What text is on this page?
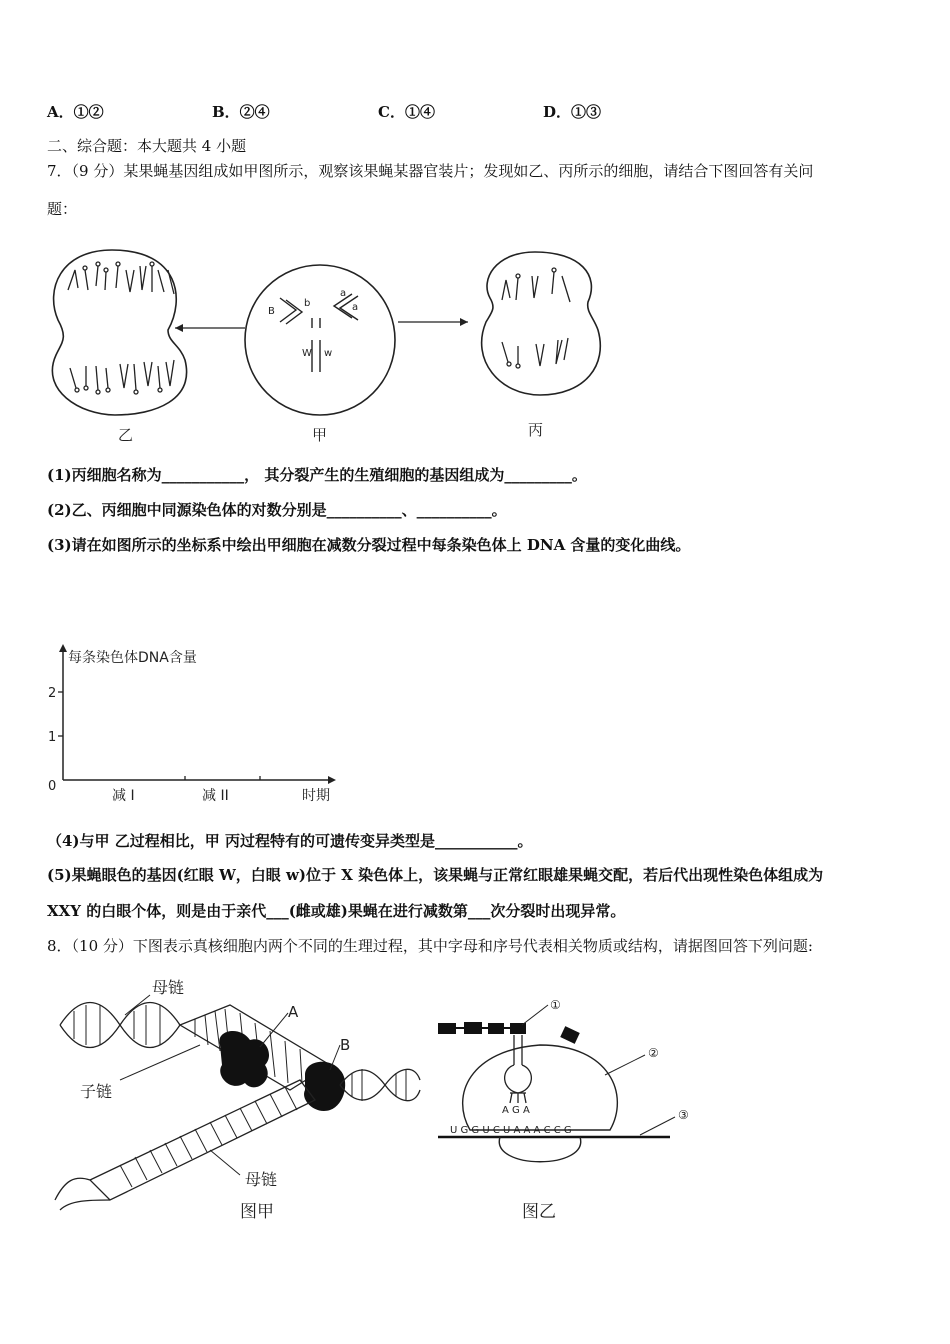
A．①②	B．②④	C．①④	D．①③
二、综合题：本大题共 4 小题
7．（9 分）某果蝇基因组成如甲图所示，观察该果蝇某器官装片；发现如乙、丙所示的细胞，请结合下图回答有关问
题：
乙
B
b
a
a
W w
甲	丙
(1)丙细胞名称为___________， 其分裂产生的生殖细胞的基因组成为_________。
(2)乙、丙细胞中同源染色体的对数分别是__________、__________。
(3)请在如图所示的坐标系中绘出甲细胞在减数分裂过程中每条染色体上 DNA 含量的变化曲线。
每条染色体DNA含量
2
1
0
减 I	减 II	时期
（4)与甲 乙过程相比，甲 丙过程特有的可遗传变异类型是___________。
(5)果蝇眼色的基因(红眼 W，白眼 w)位于 X 染色体上，该果蝇与正常红眼雄果蝇交配，若后代出现性染色体组成为
XXY 的白眼个体，则是由于亲代___(雌或雄)果蝇在进行减数第___次分裂时出现异常。
8．（10 分）下图表示真核细胞内两个不同的生理过程，其中字母和序号代表相关物质或结构，请据图回答下列问题:
A
B
母链
子链
母链
图甲
①
A G A
②
U G G U C U A A A C C G
③
图乙
